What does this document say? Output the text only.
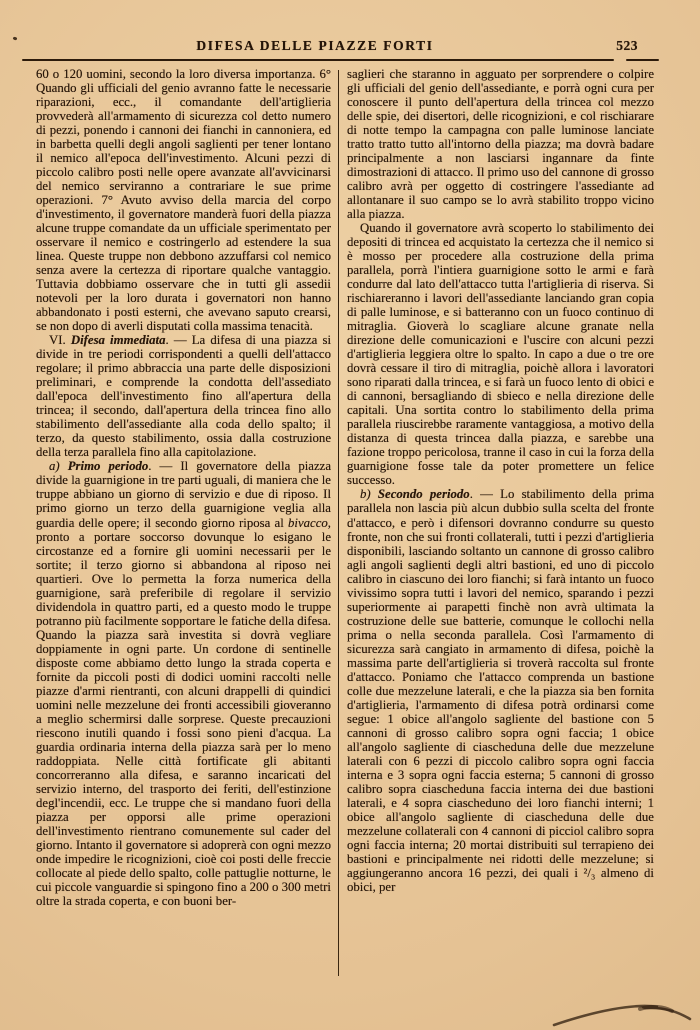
DIFESA DELLE PIAZZE FORTI	523

60 o 120 uomini, secondo la loro diversa importanza. 6° Quando gli ufficiali del genio avranno fatte le necessarie riparazioni, ecc., il comandante dell'artiglieria provvederà all'armamento di sicurezza col detto numero di pezzi, ponendo i cannoni dei fianchi in cannoniera, ed in barbetta quelli degli angoli saglienti per tener lontano il nemico all'epoca dell'investimento. Alcuni pezzi di piccolo calibro posti nelle opere avanzate all'avvicinarsi del nemico serviranno a contrariare le sue prime operazioni. 7° Avuto avviso della marcia del corpo d'investimento, il governatore manderà fuori della piazza alcune truppe comandate da un ufficiale sperimentato per osservare il nemico e costringerlo ad estendere la sua linea. Queste truppe non debbono azzuffarsi col nemico senza avere la certezza di riportare qualche vantaggio. Tuttavia dobbiamo osservare che in tutti gli assedii notevoli per la loro durata i governatori non hanno abbandonato i posti esterni, che avevano saputo crearsi, se non dopo di averli disputati colla massima tenacità.

VI. Difesa immediata. — La difesa di una piazza si divide in tre periodi corrispondenti a quelli dell'attacco regolare; il primo abbraccia una parte delle disposizioni preliminari, e comprende la condotta dell'assediato dall'epoca dell'investimento fino all'apertura della trincea; il secondo, dall'apertura della trincea fino allo stabilimento dell'assediante alla coda dello spalto; il terzo, da questo stabilimento, ossia dalla costruzione della terza parallela fino alla capitolazione.

a) Primo periodo. — Il governatore della piazza divide la guarnigione in tre parti uguali, di maniera che le truppe abbiano un giorno di servizio e due di riposo. Il primo giorno un terzo della guarnigione veglia alla guardia delle opere; il secondo giorno riposa al bivacco, pronto a portare soccorso dovunque lo esigano le circostanze ed a fornire gli uomini necessarii per le sortite; il terzo giorno si abbandona al riposo nei quartieri. Ove lo permetta la forza numerica della guarnigione, sarà preferibile di regolare il servizio dividendola in quattro parti, ed a questo modo le truppe potranno più facilmente sopportare le fatiche della difesa. Quando la piazza sarà investita si dovrà vegliare doppiamente in ogni parte. Un cordone di sentinelle disposte come abbiamo detto lungo la strada coperta e fornite da piccoli posti di dodici uomini raccolti nelle piazze d'armi rientranti, con alcuni drappelli di quindici uomini nelle mezzelune dei fronti accessibili gioveranno a meglio schermirsi dalle sorprese. Queste precauzioni riescono inutili quando i fossi sono pieni d'acqua. La guardia ordinaria interna della piazza sarà per lo meno raddoppiata. Nelle città fortificate gli abitanti concorreranno alla difesa, e saranno incaricati del servizio interno, del trasporto dei feriti, dell'estinzione degl'incendii, ecc. Le truppe che si mandano fuori della piazza per opporsi alle prime operazioni dell'investimento rientrano comunemente sul cader del giorno. Intanto il governatore si adoprerà con ogni mezzo onde impedire le ricognizioni, cioè coi posti delle freccie collocate al piede dello spalto, colle pattuglie notturne, le cui piccole vanguardie si spingono fino a 200 o 300 metri oltre la strada coperta, e con buoni ber-

saglieri che staranno in agguato per sorprendere o colpire gli ufficiali del genio dell'assediante, e porrà ogni cura per conoscere il punto dell'apertura della trincea col mezzo delle spie, dei disertori, delle ricognizioni, e col rischiarare di notte tempo la campagna con palle luminose lanciate tratto tratto tutto all'intorno della piazza; ma dovrà badare principalmente a non lasciarsi ingannare da finte dimostrazioni di attacco. Il primo uso del cannone di grosso calibro avrà per oggetto di costringere l'assediante ad allontanare il suo campo se lo avrà stabilito troppo vicino alla piazza.

Quando il governatore avrà scoperto lo stabilimento dei depositi di trincea ed acquistato la certezza che il nemico si è mosso per procedere alla costruzione della prima parallela, porrà l'intiera guarnigione sotto le armi e farà condurre dal lato dell'attacco tutta l'artiglieria di riserva. Si rischiareranno i lavori dell'assediante lanciando gran copia di palle luminose, e si batteranno con un fuoco continuo di mitraglia. Gioverà lo scagliare alcune granate nella direzione delle comunicazioni e l'uscire con alcuni pezzi d'artiglieria leggiera oltre lo spalto. In capo a due o tre ore dovrà cessare il tiro di mitraglia, poichè allora i lavoratori sono riparati dalla trincea, e si farà un fuoco lento di obici e di cannoni, bersagliando di sbieco e nella direzione delle capitali. Una sortita contro lo stabilimento della prima parallela riuscirebbe raramente vantaggiosa, a motivo della distanza di questa trincea dalla piazza, e sarebbe una fazione troppo pericolosa, tranne il caso in cui la forza della guarnigione fosse tale da poter promettere un felice successo.

b) Secondo periodo. — Lo stabilimento della prima parallela non lascia più alcun dubbio sulla scelta del fronte d'attacco, e però i difensori dovranno condurre su questo fronte, non che sui fronti collaterali, tutti i pezzi d'artiglieria disponibili, lasciando soltanto un cannone di grosso calibro agli angoli saglienti degli altri bastioni, ed uno di piccolo calibro in ciascuno dei loro fianchi; si farà intanto un fuoco vivissimo sopra tutti i lavori del nemico, sparando i pezzi superiormente ai parapetti finchè non avrà ultimata la costruzione delle sue batterie, comunque le collochi nella prima o nella seconda parallela. Così l'armamento di sicurezza sarà cangiato in armamento di difesa, poichè la massima parte dell'artiglieria si troverà raccolta sul fronte d'attacco. Poniamo che l'attacco comprenda un bastione colle due mezzelune laterali, e che la piazza sia ben fornita d'artiglieria, l'armamento di difesa potrà ordinarsi come segue: 1 obice all'angolo sagliente del bastione con 5 cannoni di grosso calibro sopra ogni faccia; 1 obice all'angolo sagliente di ciascheduna delle due mezzelune laterali con 6 pezzi di piccolo calibro sopra ogni faccia interna e 3 sopra ogni faccia esterna; 5 cannoni di grosso calibro sopra ciascheduna faccia interna dei due bastioni laterali, e 4 sopra ciascheduno dei loro fianchi interni; 1 obice all'angolo sagliente di ciascheduna delle due mezzelune collaterali con 4 cannoni di picciol calibro sopra ogni faccia interna; 20 mortai distribuiti sul terrapieno dei bastioni e principalmente nei ridotti delle mezzelune; si aggiungeranno ancora 16 pezzi, dei quali i ²/₃ almeno di obici, per
